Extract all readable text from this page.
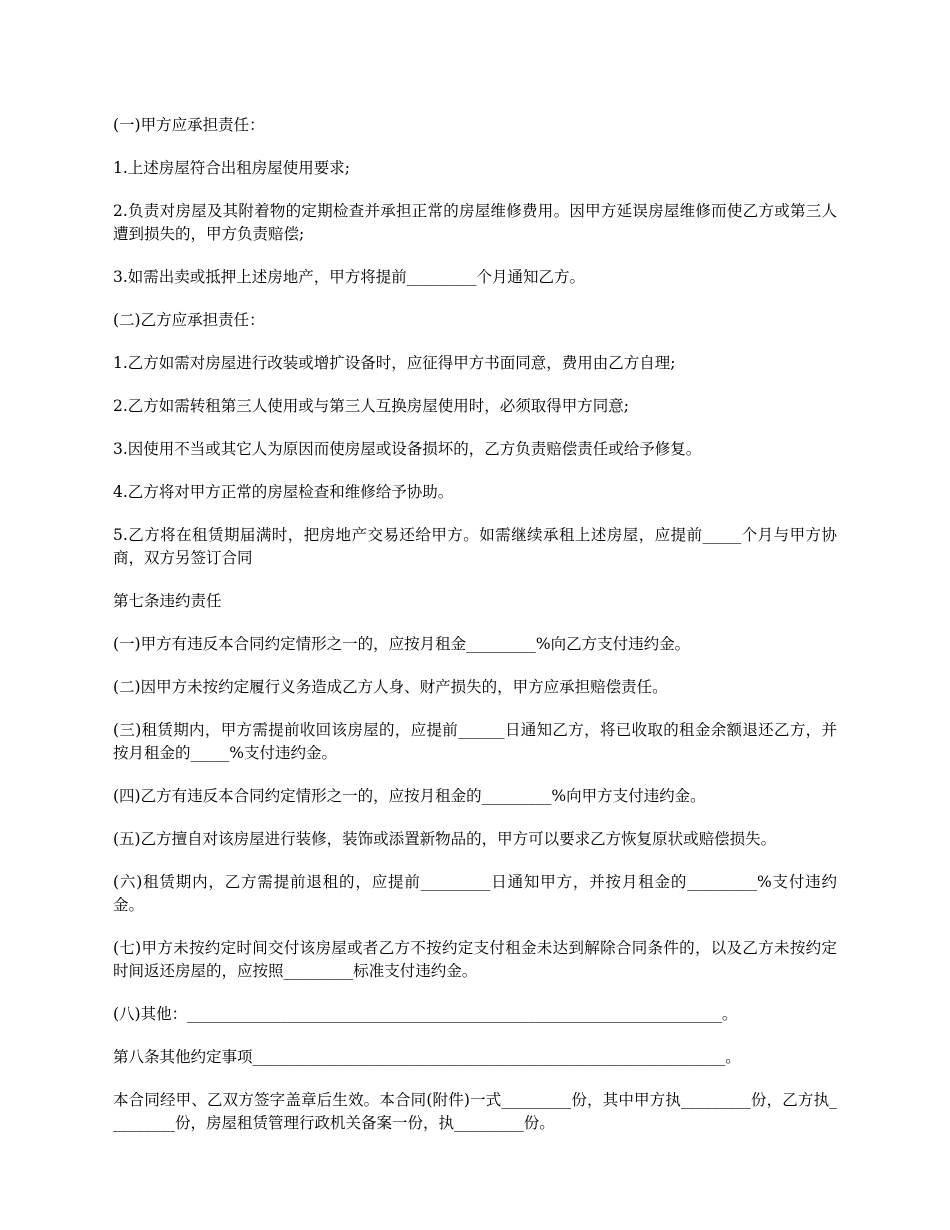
(一)甲方应承担责任：

1.上述房屋符合出租房屋使用要求;

2.负责对房屋及其附着物的定期检查并承担正常的房屋维修费用。因甲方延误房屋维修而使乙方或第三人遭到损失的，甲方负责赔偿;

3.如需出卖或抵押上述房地产，甲方将提前_________个月通知乙方。

(二)乙方应承担责任：

1.乙方如需对房屋进行改装或增扩设备时，应征得甲方书面同意，费用由乙方自理;

2.乙方如需转租第三人使用或与第三人互换房屋使用时，必须取得甲方同意;

3.因使用不当或其它人为原因而使房屋或设备损坏的，乙方负责赔偿责任或给予修复。

4.乙方将对甲方正常的房屋检查和维修给予协助。

5.乙方将在租赁期届满时，把房地产交易还给甲方。如需继续承租上述房屋，应提前_____个月与甲方协商，双方另签订合同

第七条违约责任

(一)甲方有违反本合同约定情形之一的，应按月租金_________%向乙方支付违约金。

(二)因甲方未按约定履行义务造成乙方人身、财产损失的，甲方应承担赔偿责任。

(三)租赁期内，甲方需提前收回该房屋的，应提前______日通知乙方，将已收取的租金余额退还乙方，并按月租金的_____%支付违约金。

(四)乙方有违反本合同约定情形之一的，应按月租金的_________%向甲方支付违约金。

(五)乙方擅自对该房屋进行装修，装饰或添置新物品的，甲方可以要求乙方恢复原状或赔偿损失。

(六)租赁期内，乙方需提前退租的，应提前_________日通知甲方，并按月租金的_________%支付违约金。

(七)甲方未按约定时间交付该房屋或者乙方不按约定支付租金未达到解除合同条件的，以及乙方未按约定时间返还房屋的，应按照_________标准支付违约金。

(八)其他：_____________________________________________________________________。

第八条其他约定事项_____________________________________________________________。

本合同经甲、乙双方签字盖章后生效。本合同(附件)一式_________份，其中甲方执_________份，乙方执_________份，房屋租赁管理行政机关备案一份，执_________份。
